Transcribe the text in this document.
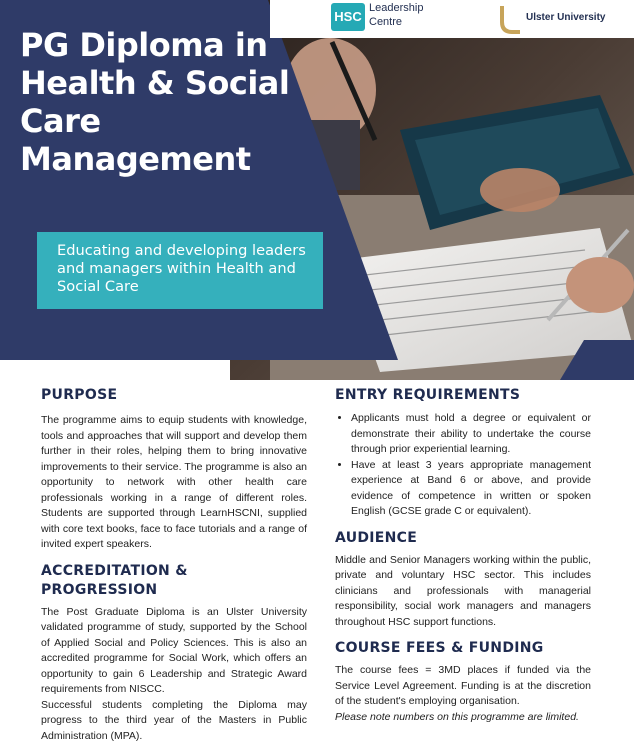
PG Diploma in Health & Social Care Management
Educating and developing leaders and managers within Health and Social Care
HSC
Leadership Centre	Ulster University
PURPOSE

The programme aims to equip students with knowledge, tools and approaches that will support and develop them further in their roles, helping them to bring innovative improvements to their service. The programme is also an opportunity to network with other health care professionals working in a range of different roles. Students are supported through LearnHSCNI, supplied with core text books, face to face tutorials and a range of invited expert speakers.

ACCREDITATION & PROGRESSION

The Post Graduate Diploma is an Ulster University validated programme of study, supported by the School of Applied Social and Policy Sciences. This is also an accredited programme for Social Work, which offers an opportunity to gain 6 Leadership and Strategic Award requirements from NISCC.

Successful students completing the Diploma may progress to the third year of the Masters in Public Administration (MPA).

ENTRY REQUIREMENTS
• Applicants must hold a degree or equivalent or demonstrate their ability to undertake the course through prior experiential learning.
• Have at least 3 years appropriate management experience at Band 6 or above, and provide evidence of competence in written or spoken English (GCSE grade C or equivalent).
AUDIENCE

Middle and Senior Managers working within the public, private and voluntary HSC sector. This includes clinicians and professionals with managerial responsibility, social work managers and managers throughout HSC support functions.

COURSE FEES & FUNDING

The course fees = 3MD places if funded via the Service Level Agreement. Funding is at the discretion of the student's employing organisation.

Please note numbers on this programme are limited.
